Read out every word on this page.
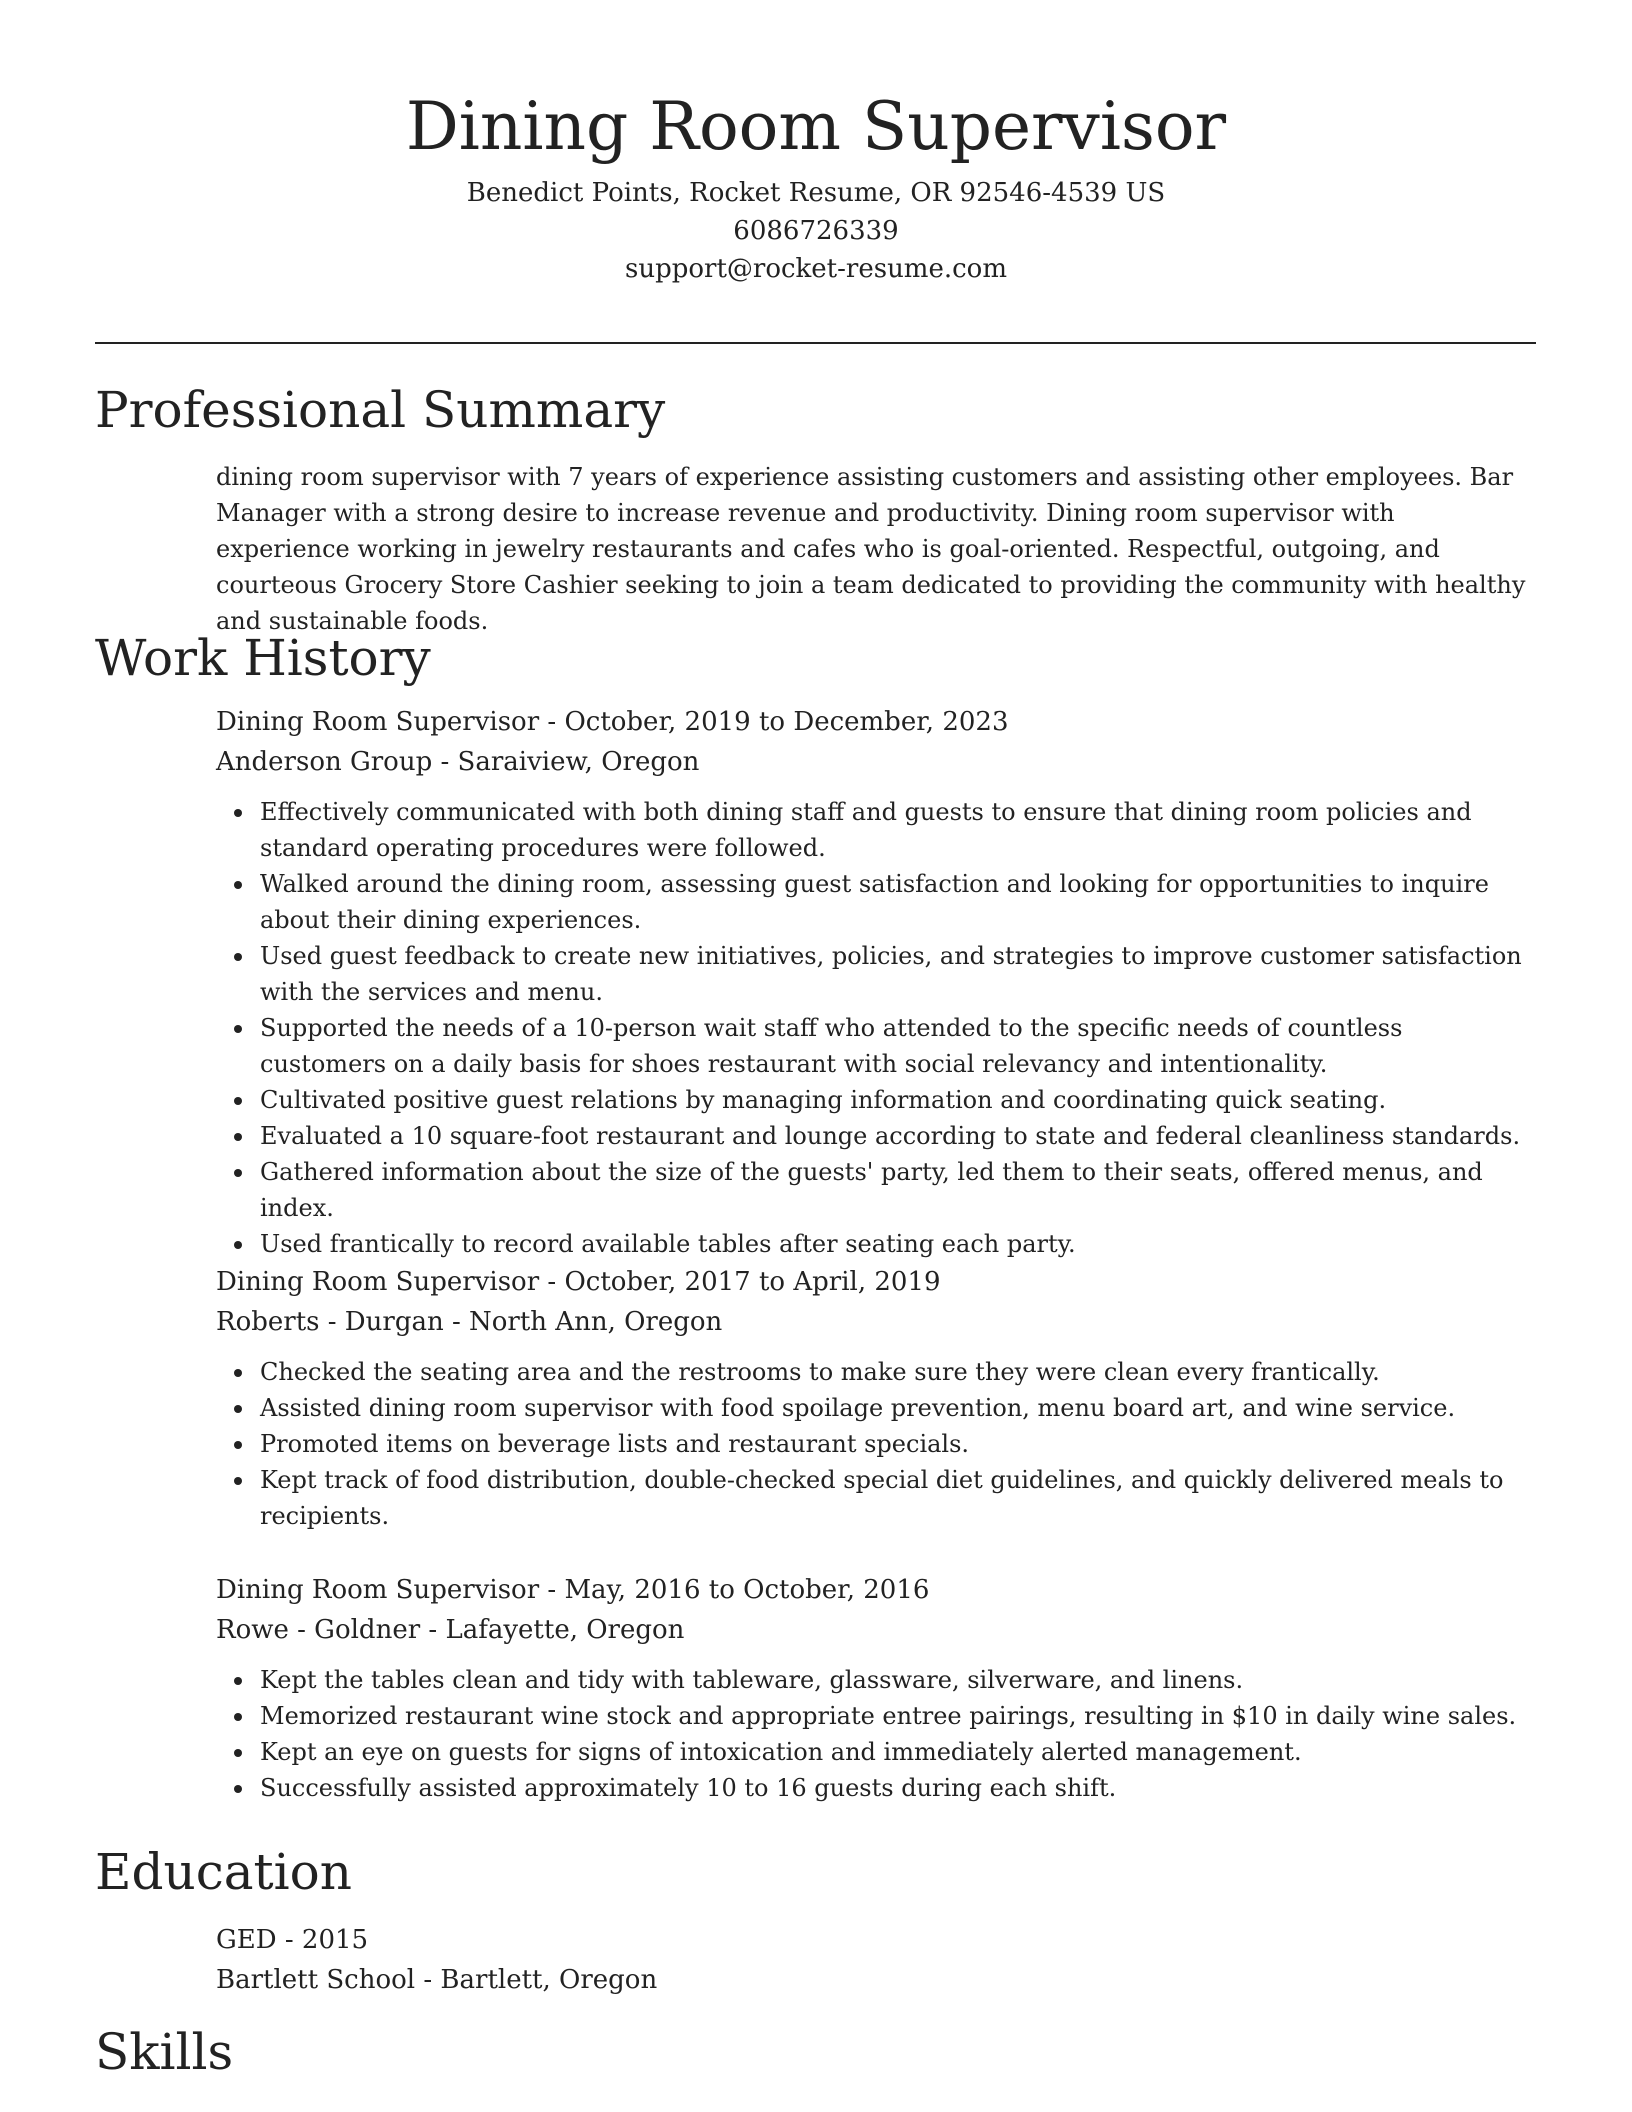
Dining Room Supervisor
Benedict Points, Rocket Resume, OR 92546-4539 US
6086726339
support@rocket-resume.com
Professional Summary

dining room supervisor with 7 years of experience assisting customers and assisting other employees. Bar Manager with a strong desire to increase revenue and productivity. Dining room supervisor with experience working in jewelry restaurants and cafes who is goal-oriented. Respectful, outgoing, and courteous Grocery Store Cashier seeking to join a team dedicated to providing the community with healthy and sustainable foods.

Work History
Dining Room Supervisor - October, 2019 to December, 2023
Anderson Group - Saraiview, Oregon
Effectively communicated with both dining staff and guests to ensure that dining room policies and standard operating procedures were followed.
Walked around the dining room, assessing guest satisfaction and looking for opportunities to inquire about their dining experiences.
Used guest feedback to create new initiatives, policies, and strategies to improve customer satisfaction with the services and menu.
Supported the needs of a 10-person wait staff who attended to the specific needs of countless customers on a daily basis for shoes restaurant with social relevancy and intentionality.
Cultivated positive guest relations by managing information and coordinating quick seating.
Evaluated a 10 square-foot restaurant and lounge according to state and federal cleanliness standards.
Gathered information about the size of the guests' party, led them to their seats, offered menus, and index.
Used frantically to record available tables after seating each party.
Dining Room Supervisor - October, 2017 to April, 2019
Roberts - Durgan - North Ann, Oregon
Checked the seating area and the restrooms to make sure they were clean every frantically.
Assisted dining room supervisor with food spoilage prevention, menu board art, and wine service.
Promoted items on beverage lists and restaurant specials.
Kept track of food distribution, double-checked special diet guidelines, and quickly delivered meals to recipients.
Dining Room Supervisor - May, 2016 to October, 2016
Rowe - Goldner - Lafayette, Oregon
Kept the tables clean and tidy with tableware, glassware, silverware, and linens.
Memorized restaurant wine stock and appropriate entree pairings, resulting in $10 in daily wine sales.
Kept an eye on guests for signs of intoxication and immediately alerted management.
Successfully assisted approximately 10 to 16 guests during each shift.
Education
GED - 2015
Bartlett School - Bartlett, Oregon
Skills
